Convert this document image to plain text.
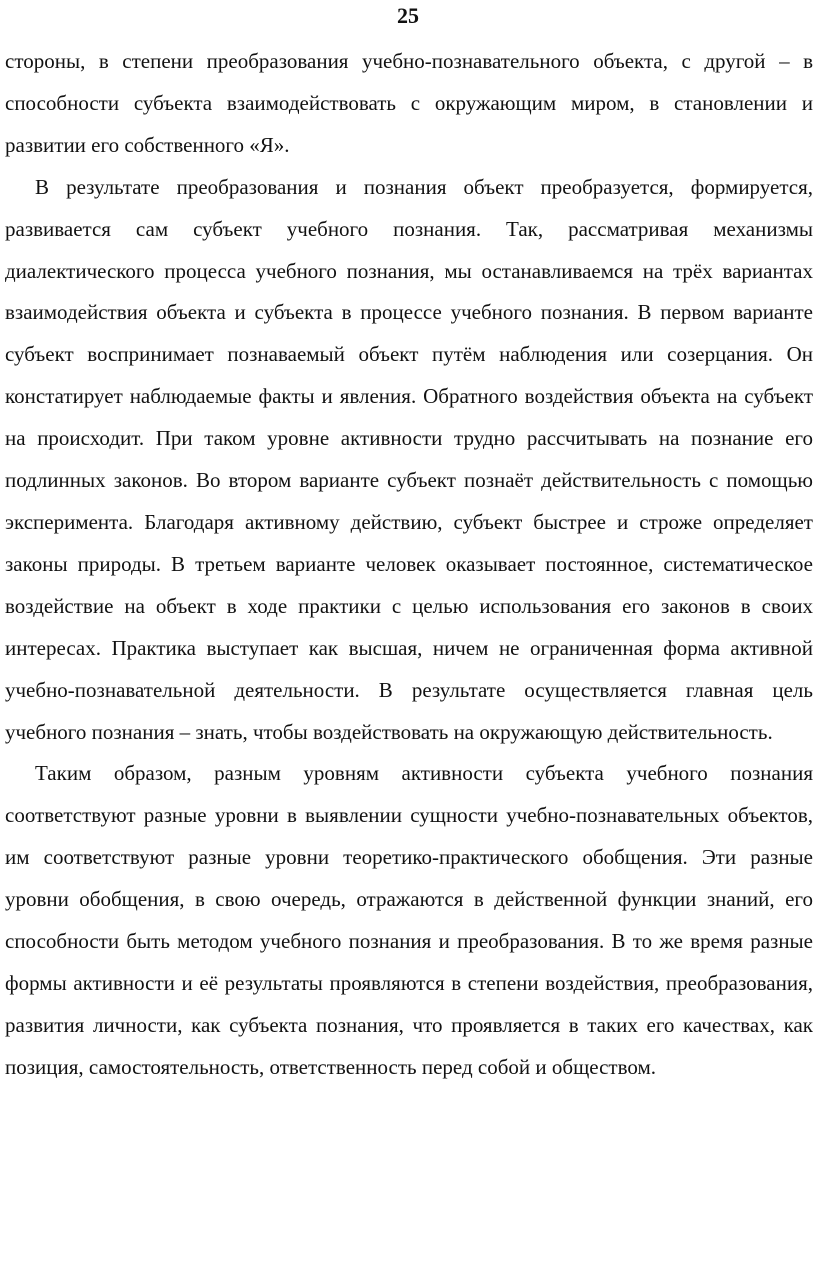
25

стороны, в степени преобразования учебно-познавательного объекта, с другой – в способности субъекта взаимодействовать с окружающим миром, в становлении и развитии его собственного «Я».

В результате преобразования и познания объект преобразуется, формируется, развивается сам субъект учебного познания. Так, рассматривая механизмы диалектического процесса учебного познания, мы останавливаемся на трёх вариантах взаимодействия объекта и субъекта в процессе учебного познания. В первом варианте субъект воспринимает познаваемый объект путём наблюдения или созерцания. Он констатирует наблюдаемые факты и явления. Обратного воздействия объекта на субъект на происходит. При таком уровне активности трудно рассчитывать на познание его подлинных законов. Во втором варианте субъект познаёт действительность с помощью эксперимента. Благодаря активному действию, субъект быстрее и строже определяет законы природы. В третьем варианте человек оказывает постоянное, систематическое воздействие на объект в ходе практики с целью использования его законов в своих интересах. Практика выступает как высшая, ничем не ограниченная форма активной учебно-познавательной деятельности. В результате осуществляется главная цель учебного познания – знать, чтобы воздействовать на окружающую действительность.

Таким образом, разным уровням активности субъекта учебного познания соответствуют разные уровни в выявлении сущности учебно-познавательных объектов, им соответствуют разные уровни теоретико-практического обобщения. Эти разные уровни обобщения, в свою очередь, отражаются в действенной функции знаний, его способности быть методом учебного познания и преобразования. В то же время разные формы активности и её результаты проявляются в степени воздействия, преобразования, развития личности, как субъекта познания, что проявляется в таких его качествах, как позиция, самостоятельность, ответственность перед собой и обществом.
